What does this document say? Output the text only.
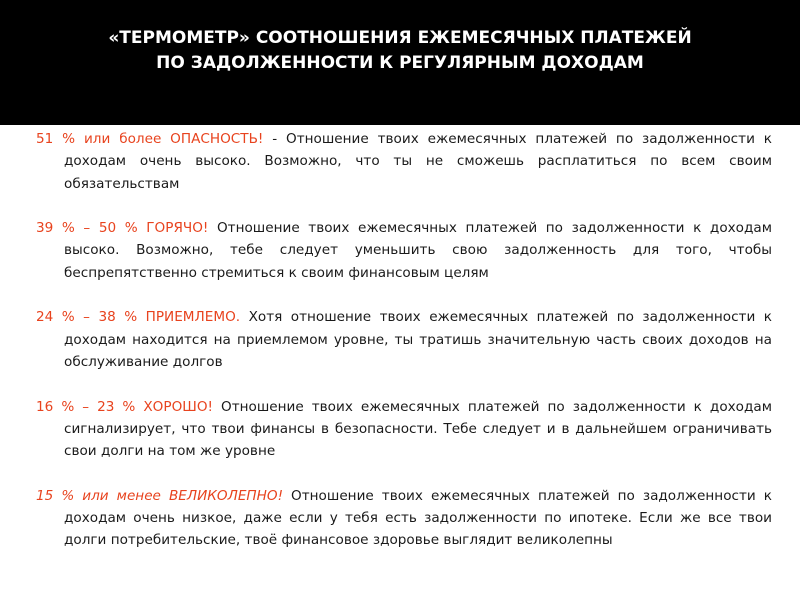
«ТЕРМОМЕТР» СООТНОШЕНИЯ ЕЖЕМЕСЯЧНЫХ ПЛАТЕЖЕЙ
ПО ЗАДОЛЖЕННОСТИ К РЕГУЛЯРНЫМ ДОХОДАМ

51 % или более ОПАСНОСТЬ! - Отношение твоих ежемесячных платежей по задолженности к доходам очень высоко. Возможно, что ты не сможешь расплатиться по всем своим обязательствам

39 % – 50 % ГОРЯЧО! Отношение твоих ежемесячных платежей по задолженности к доходам высоко. Возможно, тебе следует уменьшить свою задолженность для того, чтобы беспрепятственно стремиться к своим финансовым целям

24 % – 38 % ПРИЕМЛЕМО. Хотя отношение твоих ежемесячных платежей по задолженности к доходам находится на приемлемом уровне, ты тратишь значительную часть своих доходов на обслуживание долгов

16 % – 23 % ХОРОШО! Отношение твоих ежемесячных платежей по задолженности к доходам сигнализирует, что твои финансы в безопасности. Тебе следует и в дальнейшем ограничивать свои долги на том же уровне

15 % или менее ВЕЛИКОЛЕПНО! Отношение твоих ежемесячных платежей по задолженности к доходам очень низкое, даже если у тебя есть задолженности по ипотеке. Если же все твои долги потребительские, твоё финансовое здоровье выглядит великолепны
